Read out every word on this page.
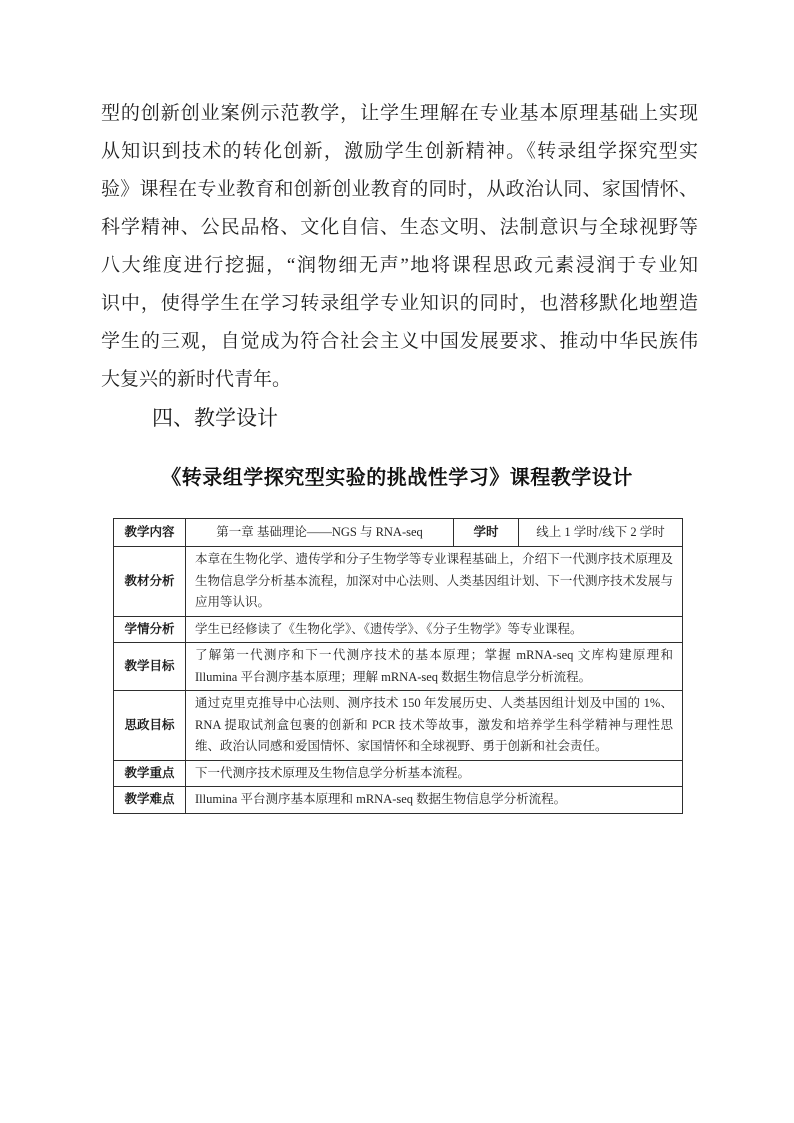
型的创新创业案例示范教学，让学生理解在专业基本原理基础上实现
从知识到技术的转化创新，激励学生创新精神。《转录组学探究型实
验》课程在专业教育和创新创业教育的同时，从政治认同、家国情怀、
科学精神、公民品格、文化自信、生态文明、法制意识与全球视野等
八大维度进行挖掘，“润物细无声”地将课程思政元素浸润于专业知
识中，使得学生在学习转录组学专业知识的同时，也潜移默化地塑造
学生的三观，自觉成为符合社会主义中国发展要求、推动中华民族伟
大复兴的新时代青年。
四、教学设计
《转录组学探究型实验的挑战性学习》课程教学设计
教学内容	第一章 基础理论——NGS 与 RNA-seq	学时	线上 1 学时/线下 2 学时
教材分析	本章在生物化学、遗传学和分子生物学等专业课程基础上，介绍下一代测序技术原理及生物信息学分析基本流程，加深对中心法则、人类基因组计划、下一代测序技术发展与应用等认识。		
学情分析	学生已经修读了《生物化学》、《遗传学》、《分子生物学》等专业课程。		
教学目标	了解第一代测序和下一代测序技术的基本原理；掌握 mRNA-seq 文库构建原理和 Illumina 平台测序基本原理；理解 mRNA-seq 数据生物信息学分析流程。		
思政目标	通过克里克推导中心法则、测序技术 150 年发展历史、人类基因组计划及中国的 1%、RNA 提取试剂盒包裹的创新和 PCR 技术等故事，激发和培养学生科学精神与理性思维、政治认同感和爱国情怀、家国情怀和全球视野、勇于创新和社会责任。		
教学重点	下一代测序技术原理及生物信息学分析基本流程。		
教学难点	Illumina 平台测序基本原理和 mRNA-seq 数据生物信息学分析流程。		
